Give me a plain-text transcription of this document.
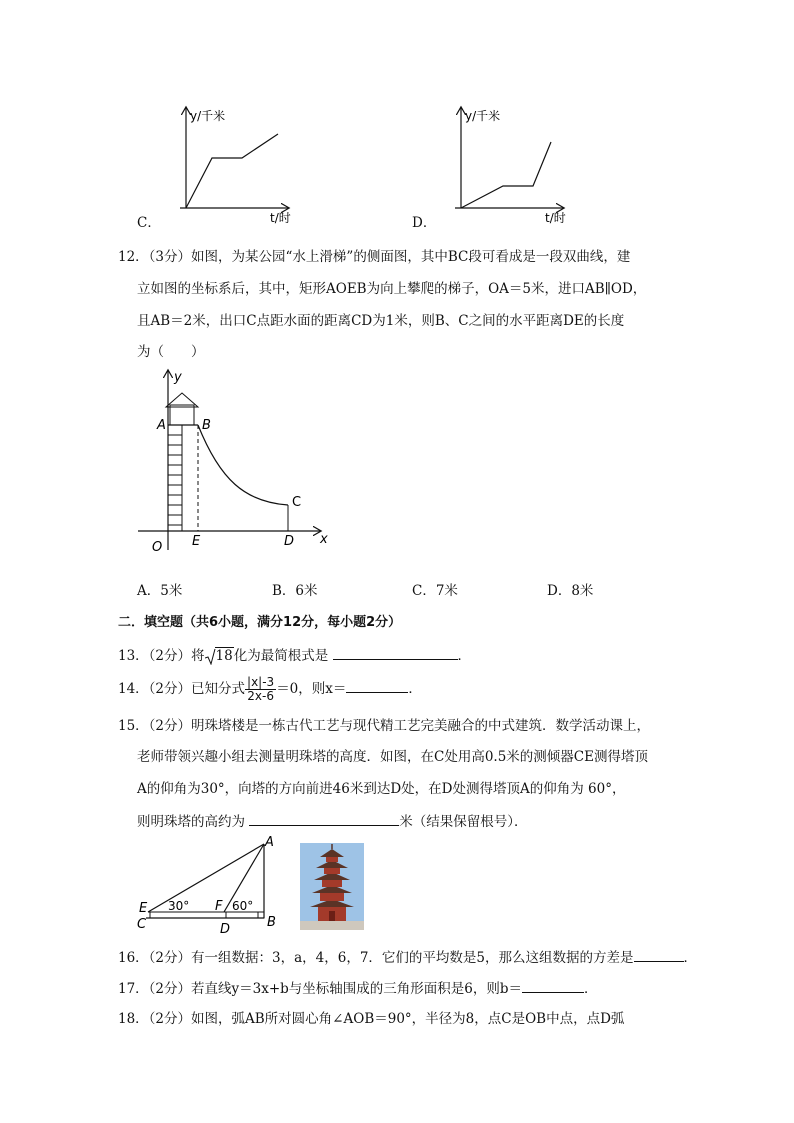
y/千米
t/时
C．
y/千米
t/时
D．
12．（3分）如图，为某公园“水上滑梯”的侧面图，其中BC段可看成是一段双曲线，建
立如图的坐标系后，其中，矩形AOEB为向上攀爬的梯子，OA＝5米，进口AB∥OD，
且AB＝2米，出口C点距水面的距离CD为1米，则B、C之间的水平距离DE的长度
为（　　）
y
A	B
C
O E	D x
A．5米	B．6米	C．7米	D．8米
二．填空题（共6小题，满分12分，每小题2分）
13．（2分）将 18化为最简根式是	．
14．（2分）已知分式 $\frac{|x|-3}{2x-6} =0$，则x＝	．
15．（2分）明珠塔楼是一栋古代工艺与现代精工艺完美融合的中式建筑．数学活动课上，
老师带领兴趣小组去测量明珠塔的高度．如图，在C处用高0.5米的测倾器CE测得塔顶
A的仰角为30°，向塔的方向前进46米到达D处，在D处测得塔顶A的仰角为 60°，
则明珠塔的高约为	米（结果保留根号）．
A
E
C
30° F 60°
D	B
16．（2分）有一组数据：3，a，4，6，7．它们的平均数是5，那么这组数据的方差是	．
17．（2分）若直线y＝3x+b与坐标轴围成的三角形面积是6，则b＝	．
18．（2分）如图，弧AB所对圆心角∠AOB＝90°，半径为8，点C是OB中点，点D弧
